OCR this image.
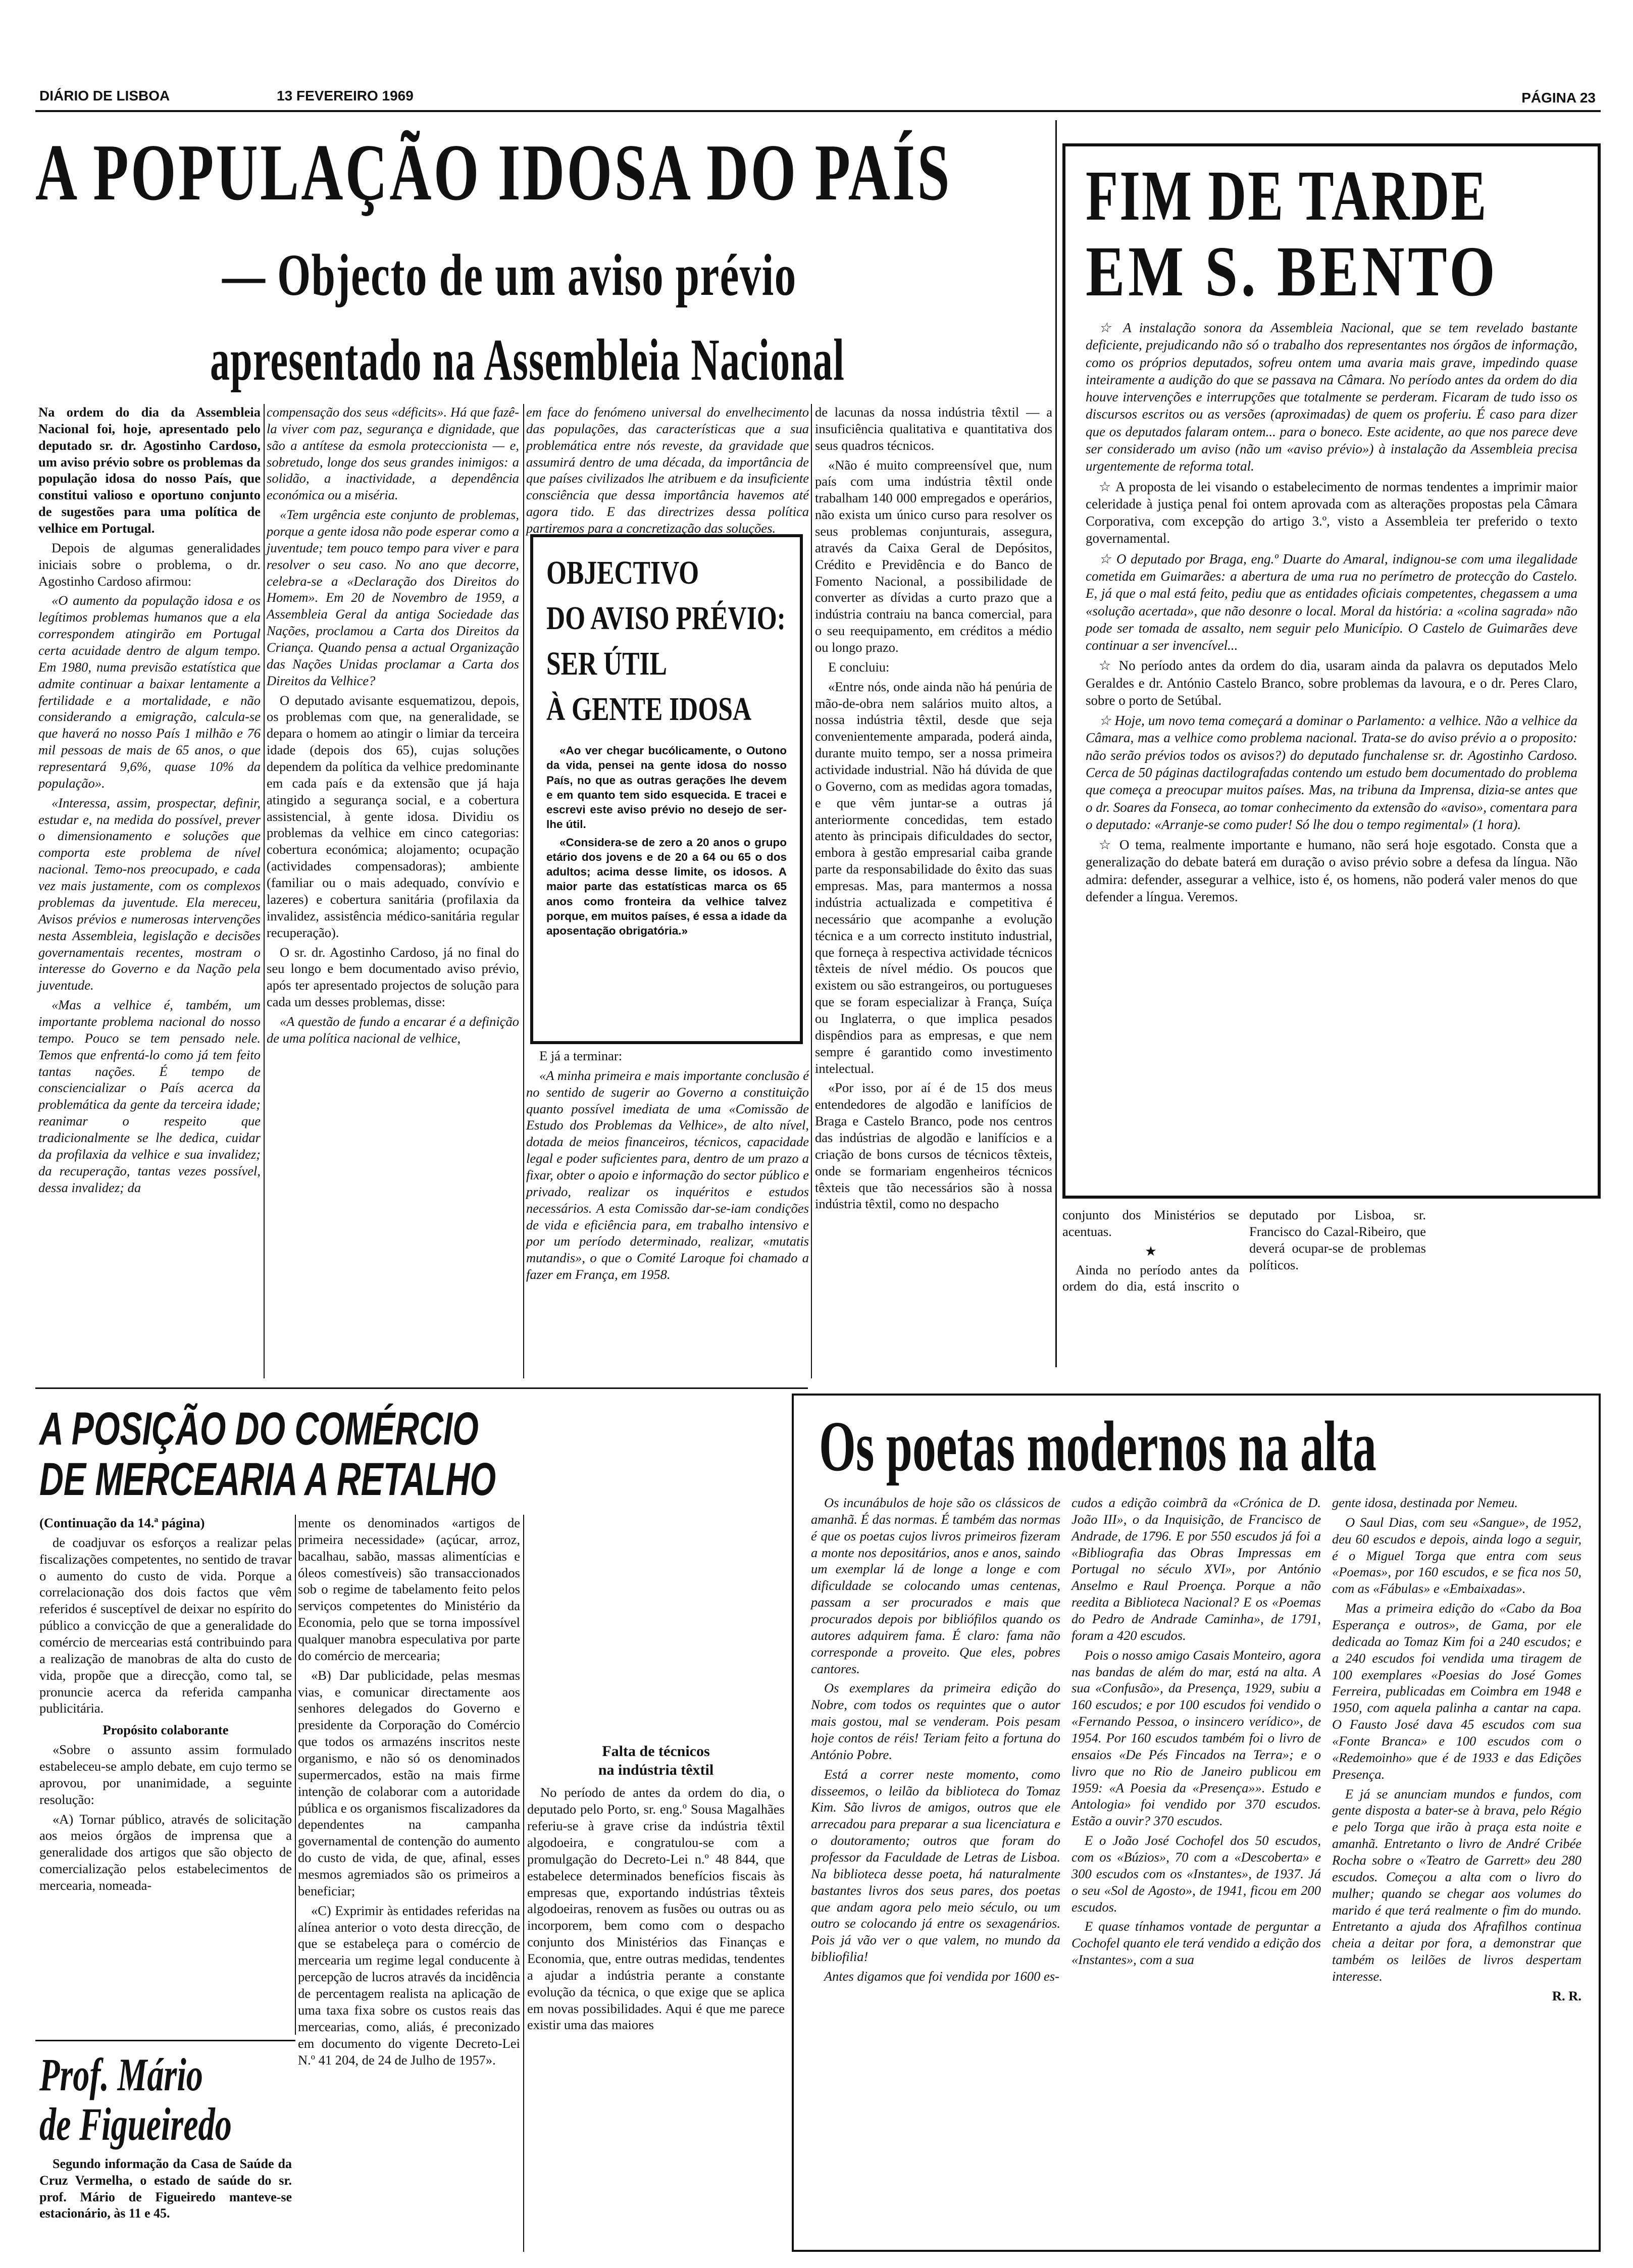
DIÁRIO DE LISBOA	13 FEVEREIRO 1969	PÁGINA 23
A POPULAÇÃO IDOSA DO PAÍS
— Objecto de um aviso prévio
apresentado na Assembleia Nacional

Na ordem do dia da Assembleia Nacional foi, hoje, apresentado pelo deputado sr. dr. Agostinho Cardoso, um aviso prévio sobre os problemas da população idosa do nosso País, que constitui valioso e oportuno conjunto de sugestões para uma política de velhice em Portugal.

Depois de algumas generalidades iniciais sobre o problema, o dr. Agostinho Cardoso afirmou:

«O aumento da população idosa e os legítimos problemas humanos que a ela correspondem atingirão em Portugal certa acuidade dentro de algum tempo. Em 1980, numa previsão estatística que admite continuar a baixar lentamente a fertilidade e a mortalidade, e não considerando a emigração, calcula-se que haverá no nosso País 1 milhão e 76 mil pessoas de mais de 65 anos, o que representará 9,6%, quase 10% da população».

«Interessa, assim, prospectar, definir, estudar e, na medida do possível, prever o dimensionamento e soluções que comporta este problema de nível nacional. Temo-nos preocupado, e cada vez mais justamente, com os complexos problemas da juventude. Ela mereceu, Avisos prévios e numerosas intervenções nesta Assembleia, legislação e decisões governamentais recentes, mostram o interesse do Governo e da Nação pela juventude.

«Mas a velhice é, também, um importante problema nacional do nosso tempo. Pouco se tem pensado nele. Temos que enfrentá-lo como já tem feito tantas nações. É tempo de consciencializar o País acerca da problemática da gente da terceira idade; reanimar o respeito que tradicionalmente se lhe dedica, cuidar da profilaxia da velhice e sua invalidez; da recuperação, tantas vezes possível, dessa invalidez; da

compensação dos seus «déficits». Há que fazê-la viver com paz, segurança e dignidade, que são a antítese da esmola proteccionista — e, sobretudo, longe dos seus grandes inimigos: a solidão, a inactividade, a dependência económica ou a miséria.

«Tem urgência este conjunto de problemas, porque a gente idosa não pode esperar como a juventude; tem pouco tempo para viver e para resolver o seu caso. No ano que decorre, celebra-se a «Declaração dos Direitos do Homem». Em 20 de Novembro de 1959, a Assembleia Geral da antiga Sociedade das Nações, proclamou a Carta dos Direitos da Criança. Quando pensa a actual Organização das Nações Unidas proclamar a Carta dos Direitos da Velhice?

O deputado avisante esquematizou, depois, os problemas com que, na generalidade, se depara o homem ao atingir o limiar da terceira idade (depois dos 65), cujas soluções dependem da política da velhice predominante em cada país e da extensão que já haja atingido a segurança social, e a cobertura assistencial, à gente idosa. Dividiu os problemas da velhice em cinco categorias: cobertura económica; alojamento; ocupação (actividades compensadoras); ambiente (familiar ou o mais adequado, convívio e lazeres) e cobertura sanitária (profilaxia da invalidez, assistência médico-sanitária regular recuperação).

O sr. dr. Agostinho Cardoso, já no final do seu longo e bem documentado aviso prévio, após ter apresentado projectos de solução para cada um desses problemas, disse:

«A questão de fundo a encarar é a definição de uma política nacional de velhice,

em face do fenómeno universal do envelhecimento das populações, das características que a sua problemática entre nós reveste, da gravidade que assumirá dentro de uma década, da importância de que países civilizados lhe atribuem e da insuficiente consciência que dessa importância havemos até agora tido. E das directrizes dessa política partiremos para a concretização das soluções.

OBJECTIVO
DO AVISO PRÉVIO:
SER ÚTIL
À GENTE IDOSA

«Ao ver chegar bucólicamente, o Outono da vida, pensei na gente idosa do nosso País, no que as outras gerações lhe devem e em quanto tem sido esquecida. E tracei e escrevi este aviso prévio no desejo de ser-lhe útil.

«Considera-se de zero a 20 anos o grupo etário dos jovens e de 20 a 64 ou 65 o dos adultos; acima desse limite, os idosos. A maior parte das estatísticas marca os 65 anos como fronteira da velhice talvez porque, em muitos países, é essa a idade da aposentação obrigatória.»

E já a terminar:

«A minha primeira e mais importante conclusão é no sentido de sugerir ao Governo a constituição quanto possível imediata de uma «Comissão de Estudo dos Problemas da Velhice», de alto nível, dotada de meios financeiros, técnicos, capacidade legal e poder suficientes para, dentro de um prazo a fixar, obter o apoio e informação do sector público e privado, realizar os inquéritos e estudos necessários. A esta Comissão dar-se-iam condições de vida e eficiência para, em trabalho intensivo e por um período determinado, realizar, «mutatis mutandis», o que o Comité Laroque foi chamado a fazer em França, em 1958.

de lacunas da nossa indústria têxtil — a insuficiência qualitativa e quantitativa dos seus quadros técnicos.

«Não é muito compreensível que, num país com uma indústria têxtil onde trabalham 140 000 empregados e operários, não exista um único curso para resolver os seus problemas conjunturais, assegura, através da Caixa Geral de Depósitos, Crédito e Previdência e do Banco de Fomento Nacional, a possibilidade de converter as dívidas a curto prazo que a indústria contraiu na banca comercial, para o seu reequipamento, em créditos a médio ou longo prazo.

E concluiu:

«Entre nós, onde ainda não há penúria de mão-de-obra nem salários muito altos, a nossa indústria têxtil, desde que seja convenientemente amparada, poderá ainda, durante muito tempo, ser a nossa primeira actividade industrial. Não há dúvida de que o Governo, com as medidas agora tomadas, e que vêm juntar-se a outras já anteriormente concedidas, tem estado atento às principais dificuldades do sector, embora à gestão empresarial caiba grande parte da responsabilidade do êxito das suas empresas. Mas, para mantermos a nossa indústria actualizada e competitiva é necessário que acompanhe a evolução técnica e a um correcto instituto industrial, que forneça à respectiva actividade técnicos têxteis de nível médio. Os poucos que existem ou são estrangeiros, ou portugueses que se foram especializar à França, Suíça ou Inglaterra, o que implica pesados dispêndios para as empresas, e que nem sempre é garantido como investimento intelectual.

«Por isso, por aí é de 15 dos meus entendedores de algodão e lanifícios de Braga e Castelo Branco, pode nos centros das indústrias de algodão e lanifícios e a criação de bons cursos de técnicos têxteis, onde se formariam engenheiros técnicos têxteis que tão necessários são à nossa indústria têxtil, como no despacho

FIM DE TARDE
EM S. BENTO

☆ A instalação sonora da Assembleia Nacional, que se tem revelado bastante deficiente, prejudicando não só o trabalho dos representantes nos órgãos de informação, como os próprios deputados, sofreu ontem uma avaria mais grave, impedindo quase inteiramente a audição do que se passava na Câmara. No período antes da ordem do dia houve intervenções e interrupções que totalmente se perderam. Ficaram de tudo isso os discursos escritos ou as versões (aproximadas) de quem os proferiu. É caso para dizer que os deputados falaram ontem... para o boneco. Este acidente, ao que nos parece deve ser considerado um aviso (não um «aviso prévio») à instalação da Assembleia precisa urgentemente de reforma total.

☆ A proposta de lei visando o estabelecimento de normas tendentes a imprimir maior celeridade à justiça penal foi ontem aprovada com as alterações propostas pela Câmara Corporativa, com excepção do artigo 3.º, visto a Assembleia ter preferido o texto governamental.

☆ O deputado por Braga, eng.º Duarte do Amaral, indignou-se com uma ilegalidade cometida em Guimarães: a abertura de uma rua no perímetro de protecção do Castelo. E, já que o mal está feito, pediu que as entidades oficiais competentes, chegassem a uma «solução acertada», que não desonre o local. Moral da história: a «colina sagrada» não pode ser tomada de assalto, nem seguir pelo Município. O Castelo de Guimarães deve continuar a ser invencível...

☆ No período antes da ordem do dia, usaram ainda da palavra os deputados Melo Geraldes e dr. António Castelo Branco, sobre problemas da lavoura, e o dr. Peres Claro, sobre o porto de Setúbal.

☆ Hoje, um novo tema começará a dominar o Parlamento: a velhice. Não a velhice da Câmara, mas a velhice como problema nacional. Trata-se do aviso prévio a o proposito: não serão prévios todos os avisos?) do deputado funchalense sr. dr. Agostinho Cardoso. Cerca de 50 páginas dactilografadas contendo um estudo bem documentado do problema que começa a preocupar muitos países. Mas, na tribuna da Imprensa, dizia-se antes que o dr. Soares da Fonseca, ao tomar conhecimento da extensão do «aviso», comentara para o deputado: «Arranje-se como puder! Só lhe dou o tempo regimental» (1 hora).

☆ O tema, realmente importante e humano, não será hoje esgotado. Consta que a generalização do debate baterá em duração o aviso prévio sobre a defesa da língua. Não admira: defender, assegurar a velhice, isto é, os homens, não poderá valer menos do que defender a língua. Veremos.

conjunto dos Ministérios se acentuas.

★

Ainda no período antes da ordem do dia, está inscrito o deputado por Lisboa, sr. Francisco do Cazal-Ribeiro, que deverá ocupar-se de problemas políticos.

A POSIÇÃO DO COMÉRCIO
DE MERCEARIA A RETALHO

(Continuação da 14.ª página)

de coadjuvar os esforços a realizar pelas fiscalizações competentes, no sentido de travar o aumento do custo de vida. Porque a correlacionação dos dois factos que vêm referidos é susceptível de deixar no espírito do público a convicção de que a generalidade do comércio de mercearias está contribuindo para a realização de manobras de alta do custo de vida, propõe que a direcção, como tal, se pronuncie acerca da referida campanha publicitária.

Propósito colaborante

«Sobre o assunto assim formulado estabeleceu-se amplo debate, em cujo termo se aprovou, por unanimidade, a seguinte resolução:

«A) Tornar público, através de solicitação aos meios órgãos de imprensa que a generalidade dos artigos que são objecto de comercialização pelos estabelecimentos de mercearia, nomeada-

mente os denominados «artigos de primeira necessidade» (açúcar, arroz, bacalhau, sabão, massas alimentícias e óleos comestíveis) são transaccionados sob o regime de tabelamento feito pelos serviços competentes do Ministério da Economia, pelo que se torna impossível qualquer manobra especulativa por parte do comércio de mercearia;

«B) Dar publicidade, pelas mesmas vias, e comunicar directamente aos senhores delegados do Governo e presidente da Corporação do Comércio que todos os armazéns inscritos neste organismo, e não só os denominados supermercados, estão na mais firme intenção de colaborar com a autoridade pública e os organismos fiscalizadores da dependentes na campanha governamental de contenção do aumento do custo de vida, de que, afinal, esses mesmos agremiados são os primeiros a beneficiar;

«C) Exprimir às entidades referidas na alínea anterior o voto desta direcção, de que se estabeleça para o comércio de mercearia um regime legal conducente à percepção de lucros através da incidência de percentagem realista na aplicação de uma taxa fixa sobre os custos reais das mercearias, como, aliás, é preconizado em documento do vigente Decreto-Lei N.º 41 204, de 24 de Julho de 1957».

Prof. Mário
de Figueiredo

Segundo informação da Casa de Saúde da Cruz Vermelha, o estado de saúde do sr. prof. Mário de Figueiredo manteve-se estacionário, às 11 e 45.

Falta de técnicos

na indústria têxtil

No período de antes da ordem do dia, o deputado pelo Porto, sr. eng.º Sousa Magalhães referiu-se à grave crise da indústria têxtil algodoeira, e congratulou-se com a promulgação do Decreto-Lei n.º 48 844, que estabelece determinados benefícios fiscais às empresas que, exportando indústrias têxteis algodoeiras, renovem as fusões ou outras ou as incorporem, bem como com o despacho conjunto dos Ministérios das Finanças e Economia, que, entre outras medidas, tendentes a ajudar a indústria perante a constante evolução da técnica, o que exige que se aplica em novas possibilidades. Aqui é que me parece existir uma das maiores

Os poetas modernos na alta

Os incunábulos de hoje são os clássicos de amanhã. É das normas. É também das normas é que os poetas cujos livros primeiros fizeram a monte nos depositários, anos e anos, saindo um exemplar lá de longe a longe e com dificuldade se colocando umas centenas, passam a ser procurados e mais que procurados depois por bibliófilos quando os autores adquirem fama. É claro: fama não corresponde a proveito. Que eles, pobres cantores.

Os exemplares da primeira edição do Nobre, com todos os requintes que o autor mais gostou, mal se venderam. Pois pesam hoje contos de réis! Teriam feito a fortuna do António Pobre.

Está a correr neste momento, como disseemos, o leilão da biblioteca do Tomaz Kim. São livros de amigos, outros que ele arrecadou para preparar a sua licenciatura e o doutoramento; outros que foram do professor da Faculdade de Letras de Lisboa. Na biblioteca desse poeta, há naturalmente bastantes livros dos seus pares, dos poetas que andam agora pelo meio século, ou um outro se colocando já entre os sexagenários. Pois já vão ver o que valem, no mundo da bibliofilia!

Antes digamos que foi vendida por 1600 es-

cudos a edição coimbrã da «Crónica de D. João III», o da Inquisição, de Francisco de Andrade, de 1796. E por 550 escudos já foi a «Bibliografia das Obras Impressas em Portugal no século XVI», por António Anselmo e Raul Proença. Porque a não reedita a Biblioteca Nacional? E os «Poemas do Pedro de Andrade Caminha», de 1791, foram a 420 escudos.

Pois o nosso amigo Casais Monteiro, agora nas bandas de além do mar, está na alta. A sua «Confusão», da Presença, 1929, subiu a 160 escudos; e por 100 escudos foi vendido o «Fernando Pessoa, o insincero verídico», de 1954. Por 160 escudos também foi o livro de ensaios «De Pés Fincados na Terra»; e o livro que no Rio de Janeiro publicou em 1959: «A Poesia da «Presença»». Estudo e Antologia» foi vendido por 370 escudos. Estão a ouvir? 370 escudos.

E o João José Cochofel dos 50 escudos, com os «Búzios», 70 com a «Descoberta» e 300 escudos com os «Instantes», de 1937. Já o seu «Sol de Agosto», de 1941, ficou em 200 escudos.

E quase tínhamos vontade de perguntar a Cochofel quanto ele terá vendido a edição dos «Instantes», com a sua

gente idosa, destinada por Nemeu.

O Saul Dias, com seu «Sangue», de 1952, deu 60 escudos e depois, ainda logo a seguir, é o Miguel Torga que entra com seus «Poemas», por 160 escudos, e se fica nos 50, com as «Fábulas» e «Embaixadas».

Mas a primeira edição do «Cabo da Boa Esperança e outros», de Gama, por ele dedicada ao Tomaz Kim foi a 240 escudos; e a 240 escudos foi vendida uma tiragem de 100 exemplares «Poesias do José Gomes Ferreira, publicadas em Coimbra em 1948 e 1950, com aquela palinha a cantar na capa. O Fausto José dava 45 escudos com sua «Fonte Branca» e 100 escudos com o «Redemoinho» que é de 1933 e das Edições Presença.

E já se anunciam mundos e fundos, com gente disposta a bater-se à brava, pelo Régio e pelo Torga que irão à praça esta noite e amanhã. Entretanto o livro de André Cribée Rocha sobre o «Teatro de Garrett» deu 280 escudos. Começou a alta com o livro do mulher; quando se chegar aos volumes do marido é que terá realmente o fim do mundo. Entretanto a ajuda dos Afrafilhos continua cheia a deitar por fora, a demonstrar que também os leilões de livros despertam interesse.

R. R.
